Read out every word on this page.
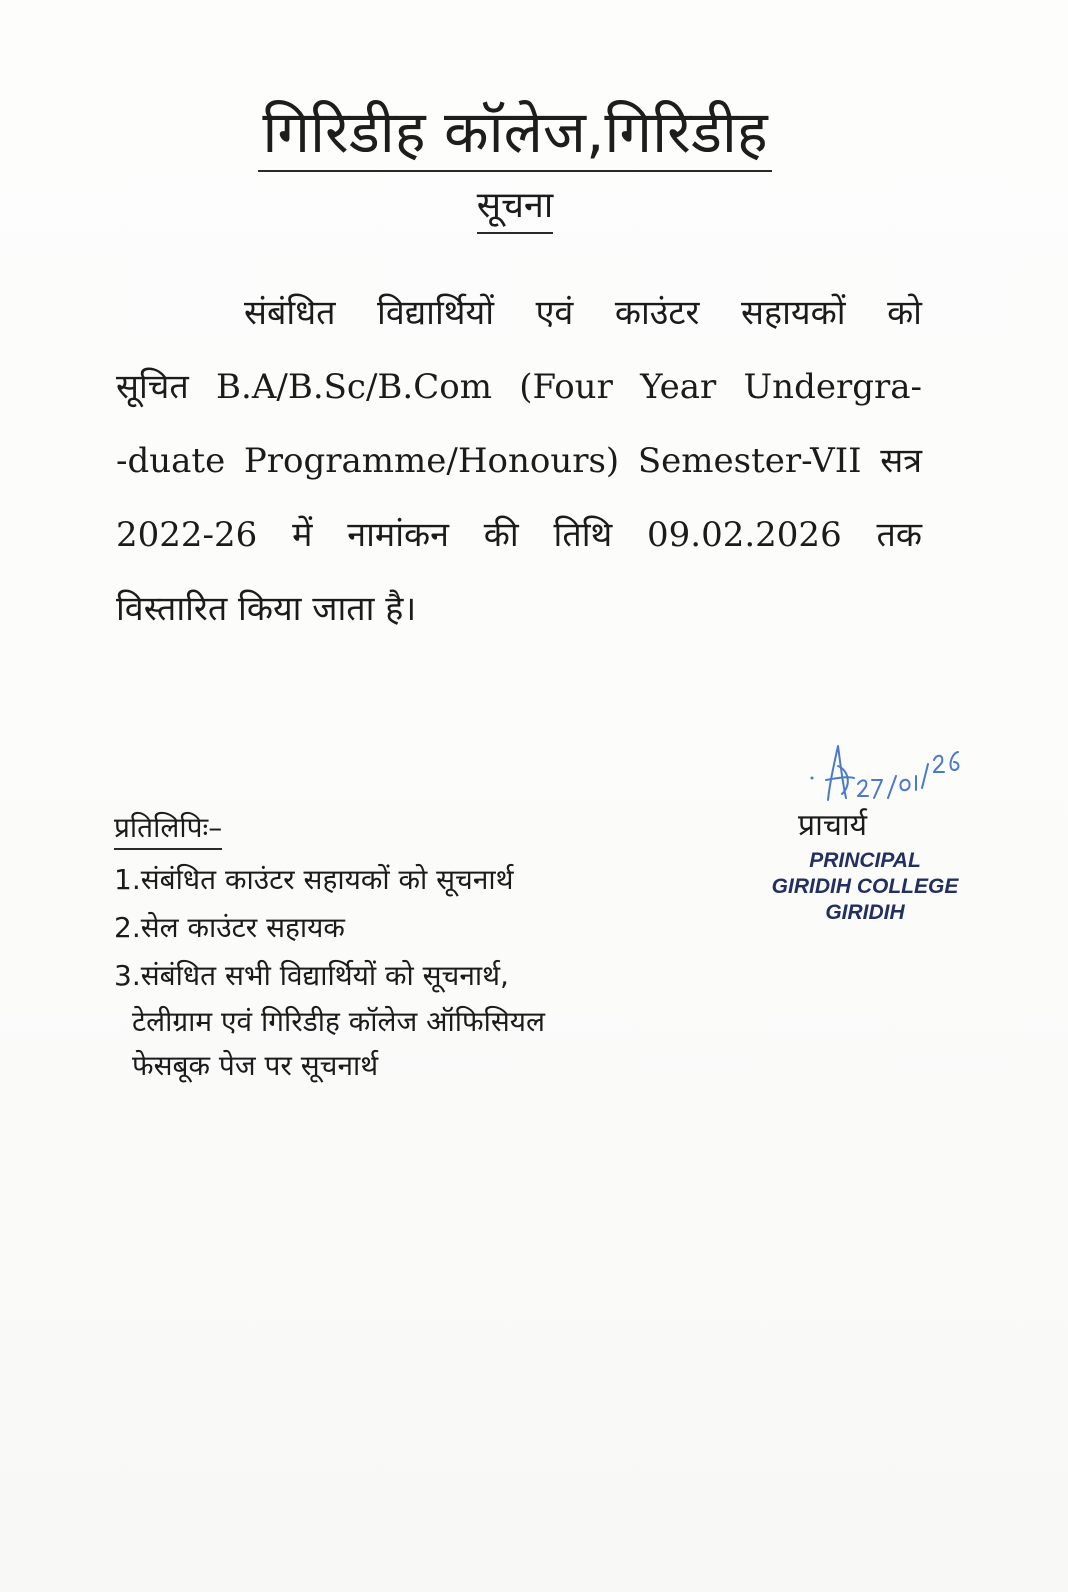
गिरिडीह कॉलेज,गिरिडीह
सूचना
संबंधित विद्यार्थियों एवं काउंटर सहायकों को
सूचित B.A/B.Sc/B.Com (Four Year Undergra-
-duate Programme/Honours) Semester-VII सत्र
2022-26 में नामांकन की तिथि 09.02.2026 तक
विस्तारित किया जाता है।
प्रतिलिपिः–
1.संबंधित काउंटर सहायकों को सूचनार्थ
2.सेल काउंटर सहायक
3.संबंधित सभी विद्यार्थियों को सूचनार्थ,
टेलीग्राम एवं गिरिडीह कॉलेज ऑफिसियल
फेसबूक पेज पर सूचनार्थ
प्राचार्य
PRINCIPAL
GIRIDIH COLLEGE
GIRIDIH
